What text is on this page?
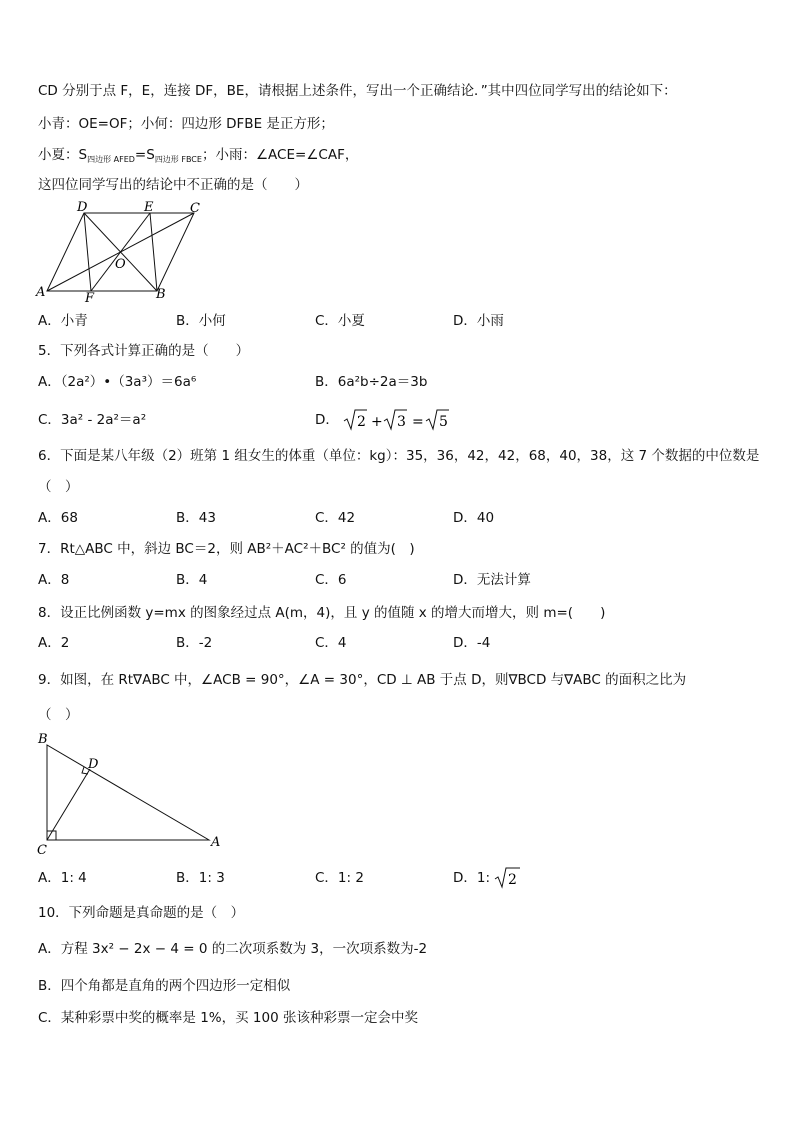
CD 分别于点 F，E，连接 DF，BE，请根据上述条件，写出一个正确结论．”其中四位同学写出的结论如下：
小青：OE=OF；小何：四边形 DFBE 是正方形；
小夏：$S_{四边形 AFED}=S_{四边形 FBCE}$；小雨：∠ACE=∠CAF，
这四位同学写出的结论中不正确的是（　　）
D	E	C
O
A	F	B
A．小青	B．小何	C．小夏	D．小雨
5．下列各式计算正确的是（　　）
A．（2a²）•（3a³）＝6a⁶	B．6a²b÷2a＝3b
C．3a² - 2a²＝a²	D． 2 + 3 = 5
6．下面是某八年级（2）班第 1 组女生的体重（单位：kg）：35，36，42，42，68，40，38，这 7 个数据的中位数是
（　）
A．68	B．43	C．42	D．40
7．Rt△ABC 中，斜边 BC＝2，则 AB²＋AC²＋BC² 的值为(　)
A．8	B．4	C．6	D．无法计算
8．设正比例函数 y=mx 的图象经过点 A(m，4)，且 y 的值随 x 的增大而增大，则 m=(　　)
A．2	B．-2	C．4	D．-4
9．如图，在 Rt∇ABC 中，∠ACB = 90°，∠A = 30°，CD ⊥ AB 于点 D，则∇BCD 与∇ABC 的面积之比为
（　）
B
D
C
A
A．1: 4	B．1: 3	C．1: 2	D．1: 2
10．下列命题是真命题的是（　）
A．方程 3x² − 2x − 4 = 0 的二次项系数为 3，一次项系数为-2
B．四个角都是直角的两个四边形一定相似
C．某种彩票中奖的概率是 1%，买 100 张该种彩票一定会中奖
